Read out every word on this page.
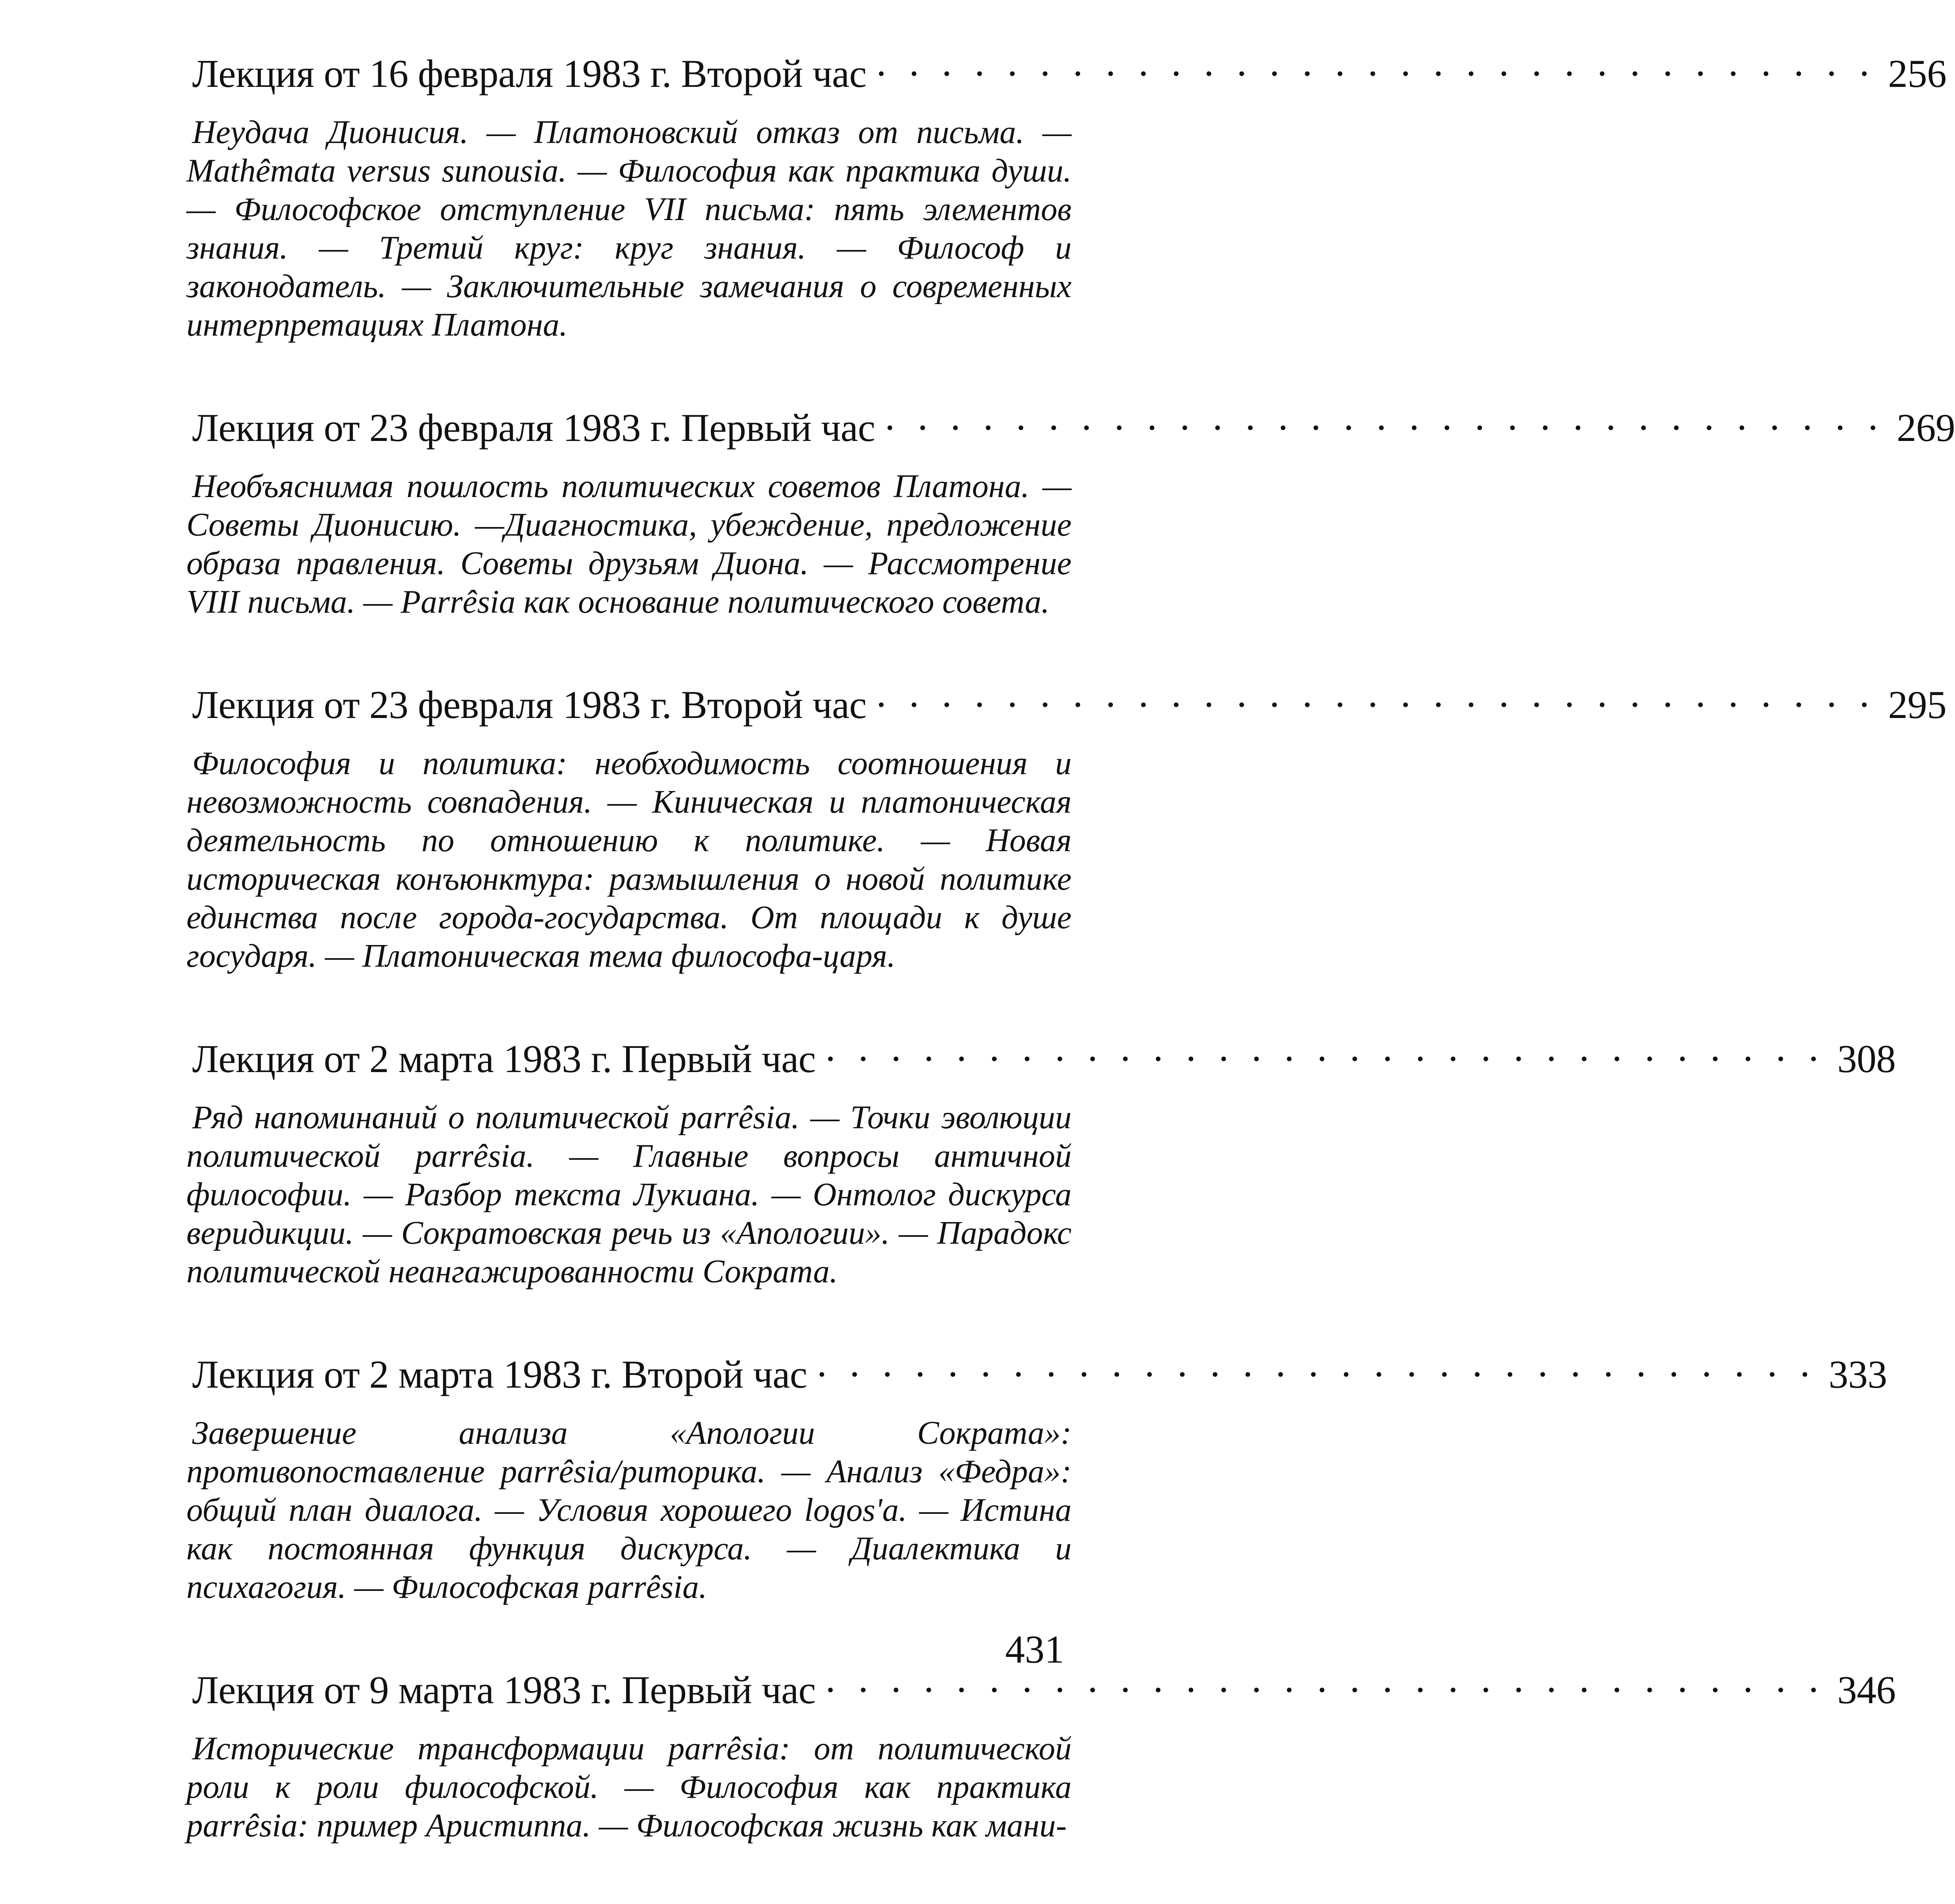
Лекция от 16 февраля 1983 г. Второй час · · · · · · · · · · · · · · · · · · · · · · · · · · · · · · · 256
Неудача Дионисия. — Платоновский отказ от письма. — Mathêmata versus sunousia. — Философия как практика души. — Философское отступление VII письма: пять элементов знания. — Третий круг: круг знания. — Философ и законодатель. — Заключительные замечания о современных интерпретациях Платона.
Лекция от 23 февраля 1983 г. Первый час · · · · · · · · · · · · · · · · · · · · · · · · · · · · · · · 269
Необъяснимая пошлость политических советов Платона. — Советы Дионисию. —Диагностика, убеждение, предложение образа правления. Советы друзьям Диона. — Рассмотрение VIII письма. — Parrêsia как основание политического совета.
Лекция от 23 февраля 1983 г. Второй час · · · · · · · · · · · · · · · · · · · · · · · · · · · · · · · 295
Философия и политика: необходимость соотношения и невозможность совпадения. — Киническая и платоническая деятельность по отношению к политике. — Новая историческая конъюнктура: размышления о новой политике единства после города-государства. От площади к душе государя. — Платоническая тема философа-царя.
Лекция от 2 марта 1983 г. Первый час · · · · · · · · · · · · · · · · · · · · · · · · · · · · · · · 308
Ряд напоминаний о политической parrêsia. — Точки эволюции политической parrêsia. — Главные вопросы античной философии. — Разбор текста Лукиана. — Онтолог дискурса веридикции. — Сократовская речь из «Апологии». — Парадокс политической неангажированности Сократа.
Лекция от 2 марта 1983 г. Второй час · · · · · · · · · · · · · · · · · · · · · · · · · · · · · · · 333
Завершение анализа «Апологии Сократа»: противопоставление parrêsia/риторика. — Анализ «Федра»: общий план диалога. — Условия хорошего logos'а. — Истина как постоянная функция дискурса. — Диалектика и психагогия. — Философская parrêsia.
Лекция от 9 марта 1983 г. Первый час · · · · · · · · · · · · · · · · · · · · · · · · · · · · · · · 346
Исторические трансформации parrêsia: от политической роли к роли философской. — Философия как практика parrêsia: пример Аристиппа. — Философская жизнь как мани-
431
